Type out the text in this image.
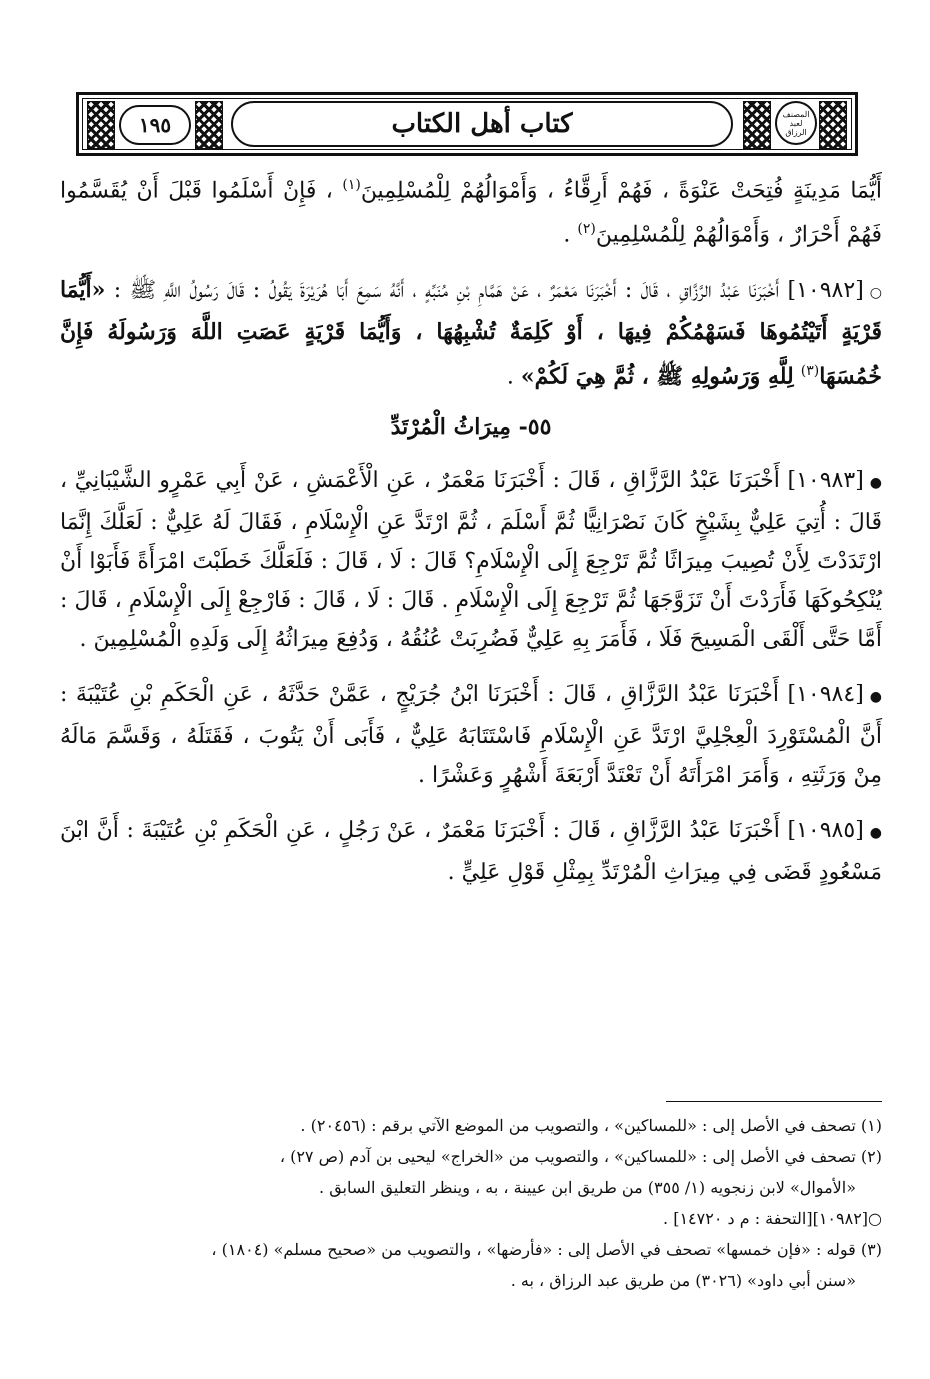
١٩٥	كتاب أهل الكتاب	المصنف لعبد الرزاق

أَيُّمَا مَدِينَةٍ فُتِحَتْ عَنْوَةً ، فَهُمْ أَرِقَّاءُ ، وَأَمْوَالُهُمْ لِلْمُسْلِمِينَ$^{(١)}$ ، فَإِنْ أَسْلَمُوا قَبْلَ أَنْ يُقَسَّمُوا فَهُمْ أَحْرَارٌ ، وَأَمْوَالُهُمْ لِلْمُسْلِمِينَ$^{(٢)}$ .

○[١٠٩٨٢] أَخْبَرَنَا عَبْدُ الرَّزَّاقِ ، قَالَ : أَخْبَرَنَا مَعْمَرٌ ، عَنْ هَمَّامِ بْنِ مُنَبِّهٍ ، أَنَّهُ سَمِعَ أَبَا هُرَيْرَةَ يَقُولُ : قَالَ رَسُولُ اللَّهِ ﷺ : «أَيُّمَا قَرْيَةٍ أَتَيْتُمُوهَا فَسَهْمُكُمْ فِيهَا ، أَوْ كَلِمَةٌ تُشْبِهُهَا ، وَأَيُّمَا قَرْيَةٍ عَصَتِ اللَّهَ وَرَسُولَهُ فَإِنَّ خُمُسَهَا$^{(٣)}$ لِلَّهِ وَرَسُولِهِ ﷺ ، ثُمَّ هِيَ لَكُمْ» .

٥٥- مِيرَاثُ الْمُرْتَدِّ

●[١٠٩٨٣] أَخْبَرَنَا عَبْدُ الرَّزَّاقِ ، قَالَ : أَخْبَرَنَا مَعْمَرٌ ، عَنِ الْأَعْمَشِ ، عَنْ أَبِي عَمْرٍو الشَّيْبَانِيِّ ، قَالَ : أُتِيَ عَلِيٌّ بِشَيْخٍ كَانَ نَصْرَانِيًّا ثُمَّ أَسْلَمَ ، ثُمَّ ارْتَدَّ عَنِ الْإِسْلَامِ ، فَقَالَ لَهُ عَلِيٌّ : لَعَلَّكَ إِنَّمَا ارْتَدَدْتَ لِأَنْ تُصِيبَ مِيرَاثًا ثُمَّ تَرْجِعَ إِلَى الْإِسْلَامِ؟ قَالَ : لَا ، قَالَ : فَلَعَلَّكَ خَطَبْتَ امْرَأَةً فَأَبَوْا أَنْ يُنْكِحُوكَهَا فَأَرَدْتَ أَنْ تَزَوَّجَهَا ثُمَّ تَرْجِعَ إِلَى الْإِسْلَامِ . قَالَ : لَا ، قَالَ : فَارْجِعْ إِلَى الْإِسْلَامِ ، قَالَ : أَمَّا حَتَّى أَلْقَى الْمَسِيحَ فَلَا ، فَأَمَرَ بِهِ عَلِيٌّ فَضُرِبَتْ عُنُقُهُ ، وَدُفِعَ مِيرَاثُهُ إِلَى وَلَدِهِ الْمُسْلِمِينَ .

●[١٠٩٨٤] أَخْبَرَنَا عَبْدُ الرَّزَّاقِ ، قَالَ : أَخْبَرَنَا ابْنُ جُرَيْجٍ ، عَمَّنْ حَدَّثَهُ ، عَنِ الْحَكَمِ بْنِ عُتَيْبَةَ : أَنَّ الْمُسْتَوْرِدَ الْعِجْلِيَّ ارْتَدَّ عَنِ الْإِسْلَامِ فَاسْتَتَابَهُ عَلِيٌّ ، فَأَبَى أَنْ يَتُوبَ ، فَقَتَلَهُ ، وَقَسَّمَ مَالَهُ مِنْ وَرَثَتِهِ ، وَأَمَرَ امْرَأَتَهُ أَنْ تَعْتَدَّ أَرْبَعَةَ أَشْهُرٍ وَعَشْرًا .

●[١٠٩٨٥] أَخْبَرَنَا عَبْدُ الرَّزَّاقِ ، قَالَ : أَخْبَرَنَا مَعْمَرٌ ، عَنْ رَجُلٍ ، عَنِ الْحَكَمِ بْنِ عُتَيْبَةَ : أَنَّ ابْنَ مَسْعُودٍ قَضَى فِي مِيرَاثِ الْمُرْتَدِّ بِمِثْلِ قَوْلِ عَلِيٍّ .

(١) تصحف في الأصل إلى : «للمساكين» ، والتصويب من الموضع الآتي برقم : (٢٠٤٥٦) .

(٢) تصحف في الأصل إلى : «للمساكين» ، والتصويب من «الخراج» ليحيى بن آدم (ص ٢٧) ،

«الأموال» لابن زنجويه (١/ ٣٥٥) من طريق ابن عيينة ، به ، وينظر التعليق السابق .

○[١٠٩٨٢][التحفة : م د ١٤٧٢٠] .

(٣) قوله : «فإن خمسها» تصحف في الأصل إلى : «فأرضها» ، والتصويب من «صحيح مسلم» (١٨٠٤) ،

«سنن أبي داود» (٣٠٢٦) من طريق عبد الرزاق ، به .
